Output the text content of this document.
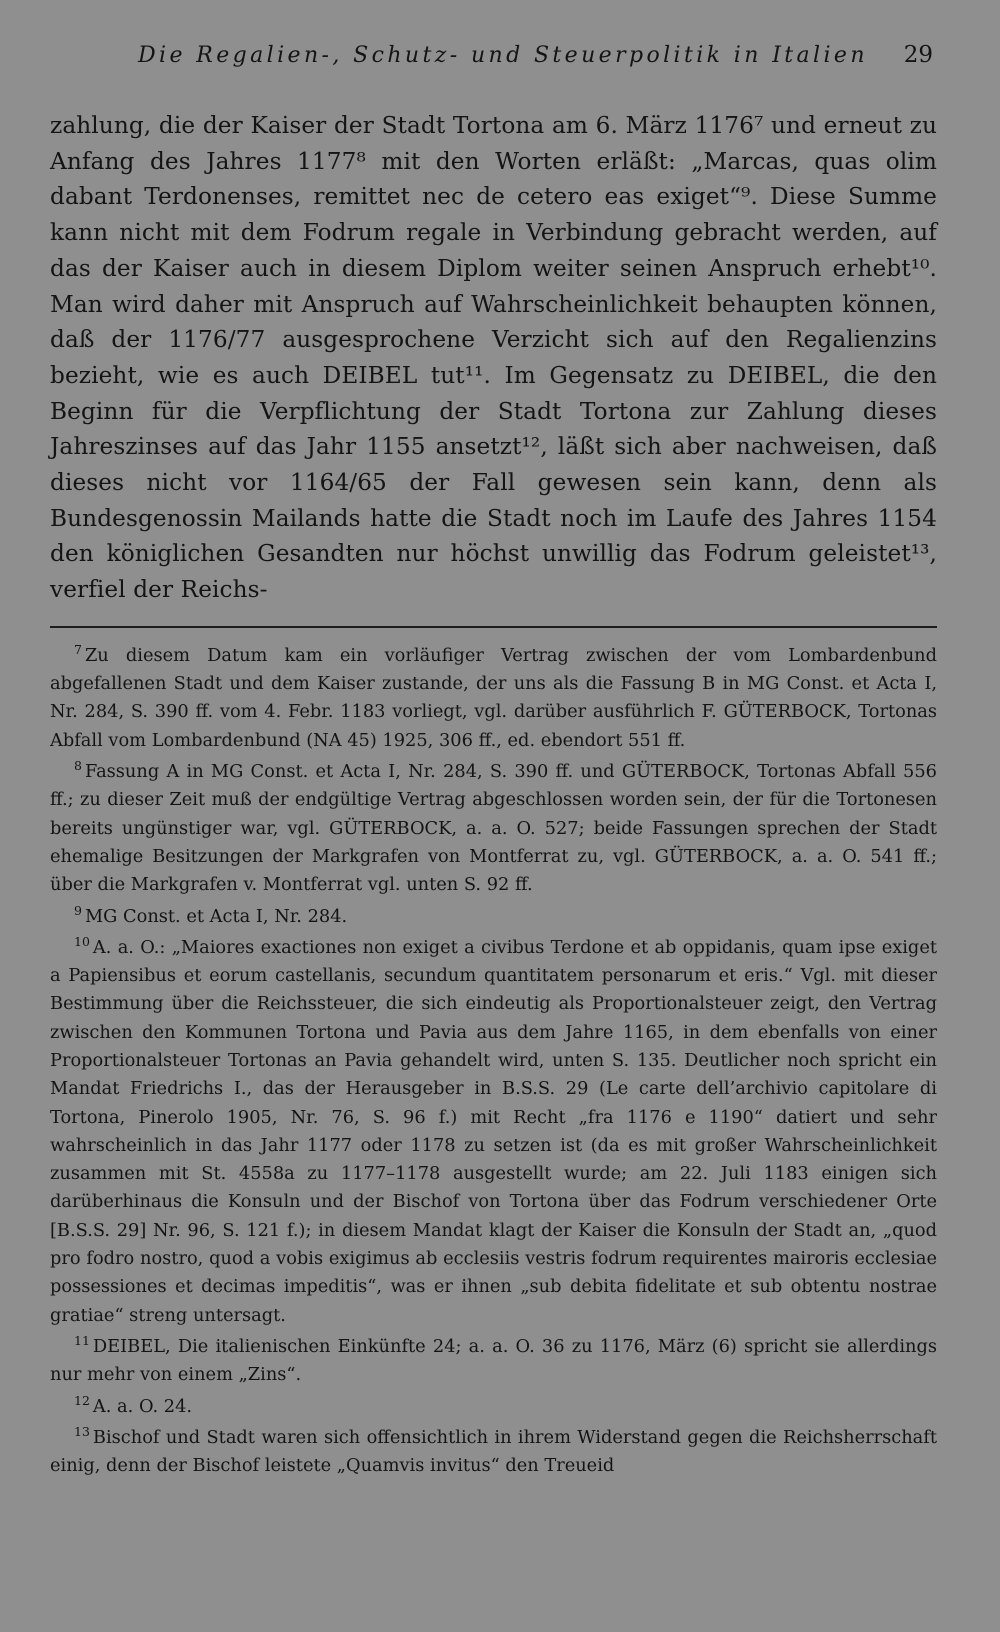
Die Regalien-, Schutz- und Steuerpolitik in Italien 29

zahlung, die der Kaiser der Stadt Tortona am 6. März 1176⁷ und erneut zu Anfang des Jahres 1177⁸ mit den Worten erläßt: „Marcas, quas olim dabant Terdonenses, remittet nec de cetero eas exiget“⁹. Diese Summe kann nicht mit dem Fodrum regale in Verbindung gebracht werden, auf das der Kaiser auch in diesem Diplom weiter seinen Anspruch erhebt¹⁰. Man wird daher mit Anspruch auf Wahrscheinlichkeit behaupten können, daß der 1176/77 ausgesprochene Verzicht sich auf den Regalienzins bezieht, wie es auch DEIBEL tut¹¹. Im Gegensatz zu DEIBEL, die den Beginn für die Verpflichtung der Stadt Tortona zur Zahlung dieses Jahreszinses auf das Jahr 1155 ansetzt¹², läßt sich aber nachweisen, daß dieses nicht vor 1164/65 der Fall gewesen sein kann, denn als Bundesgenossin Mailands hatte die Stadt noch im Laufe des Jahres 1154 den königlichen Gesandten nur höchst unwillig das Fodrum geleistet¹³, verfiel der Reichs-

$^7$ Zu diesem Datum kam ein vorläufiger Vertrag zwischen der vom Lombardenbund abgefallenen Stadt und dem Kaiser zustande, der uns als die Fassung B in MG Const. et Acta I, Nr. 284, S. 390 ff. vom 4. Febr. 1183 vorliegt, vgl. darüber ausführlich F. GÜTERBOCK, Tortonas Abfall vom Lombardenbund (NA 45) 1925, 306 ff., ed. ebendort 551 ff.

$^8$ Fassung A in MG Const. et Acta I, Nr. 284, S. 390 ff. und GÜTERBOCK, Tortonas Abfall 556 ff.; zu dieser Zeit muß der endgültige Vertrag abgeschlossen worden sein, der für die Tortonesen bereits ungünstiger war, vgl. GÜTERBOCK, a. a. O. 527; beide Fassungen sprechen der Stadt ehemalige Besitzungen der Markgrafen von Montferrat zu, vgl. GÜTERBOCK, a. a. O. 541 ff.; über die Markgrafen v. Montferrat vgl. unten S. 92 ff.

$^9$ MG Const. et Acta I, Nr. 284.

$^{10}$ A. a. O.: „Maiores exactiones non exiget a civibus Terdone et ab oppidanis, quam ipse exiget a Papiensibus et eorum castellanis, secundum quantitatem personarum et eris.“ Vgl. mit dieser Bestimmung über die Reichssteuer, die sich eindeutig als Proportionalsteuer zeigt, den Vertrag zwischen den Kommunen Tortona und Pavia aus dem Jahre 1165, in dem ebenfalls von einer Proportionalsteuer Tortonas an Pavia gehandelt wird, unten S. 135. Deutlicher noch spricht ein Mandat Friedrichs I., das der Herausgeber in B.S.S. 29 (Le carte dell’archivio capitolare di Tortona, Pinerolo 1905, Nr. 76, S. 96 f.) mit Recht „fra 1176 e 1190“ datiert und sehr wahrscheinlich in das Jahr 1177 oder 1178 zu setzen ist (da es mit großer Wahrscheinlichkeit zusammen mit St. 4558a zu 1177–1178 ausgestellt wurde; am 22. Juli 1183 einigen sich darüberhinaus die Konsuln und der Bischof von Tortona über das Fodrum verschiedener Orte [B.S.S. 29] Nr. 96, S. 121 f.); in diesem Mandat klagt der Kaiser die Konsuln der Stadt an, „quod pro fodro nostro, quod a vobis exigimus ab ecclesiis vestris fodrum requirentes mairoris ecclesiae possessiones et decimas impeditis“, was er ihnen „sub debita fidelitate et sub obtentu nostrae gratiae“ streng untersagt.

$^{11}$ DEIBEL, Die italienischen Einkünfte 24; a. a. O. 36 zu 1176, März (6) spricht sie allerdings nur mehr von einem „Zins“.

$^{12}$ A. a. O. 24.

$^{13}$ Bischof und Stadt waren sich offensichtlich in ihrem Widerstand gegen die Reichsherrschaft einig, denn der Bischof leistete „Quamvis invitus“ den Treueid
